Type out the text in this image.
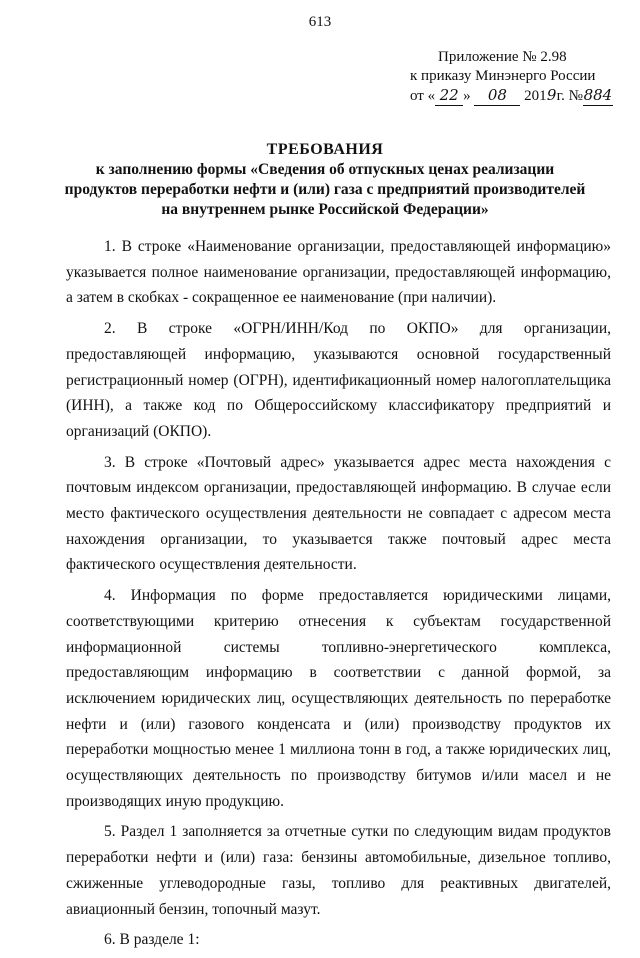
613
Приложение № 2.98
к приказу Минэнерго России
от « 22 » 08 2019г. №884
ТРЕБОВАНИЯ
к заполнению формы «Сведения об отпускных ценах реализации продуктов переработки нефти и (или) газа с предприятий производителей на внутреннем рынке Российской Федерации»

1. В строке «Наименование организации, предоставляющей информацию» указывается полное наименование организации, предоставляющей информацию, а затем в скобках - сокращенное ее наименование (при наличии).

2. В строке «ОГРН/ИНН/Код по ОКПО» для организации, предоставляющей информацию, указываются основной государственный регистрационный номер (ОГРН), идентификационный номер налогоплательщика (ИНН), а также код по Общероссийскому классификатору предприятий и организаций (ОКПО).

3. В строке «Почтовый адрес» указывается адрес места нахождения с почтовым индексом организации, предоставляющей информацию. В случае если место фактического осуществления деятельности не совпадает с адресом места нахождения организации, то указывается также почтовый адрес места фактического осуществления деятельности.

4. Информация по форме предоставляется юридическими лицами, соответствующими критерию отнесения к субъектам государственной информационной системы топливно-энергетического комплекса, предоставляющим информацию в соответствии с данной формой, за исключением юридических лиц, осуществляющих деятельность по переработке нефти и (или) газового конденсата и (или) производству продуктов их переработки мощностью менее 1 миллиона тонн в год, а также юридических лиц, осуществляющих деятельность по производству битумов и/или масел и не производящих иную продукцию.

5. Раздел 1 заполняется за отчетные сутки по следующим видам продуктов переработки нефти и (или) газа: бензины автомобильные, дизельное топливо, сжиженные углеводородные газы, топливо для реактивных двигателей, авиационный бензин, топочный мазут.

6. В разделе 1:
